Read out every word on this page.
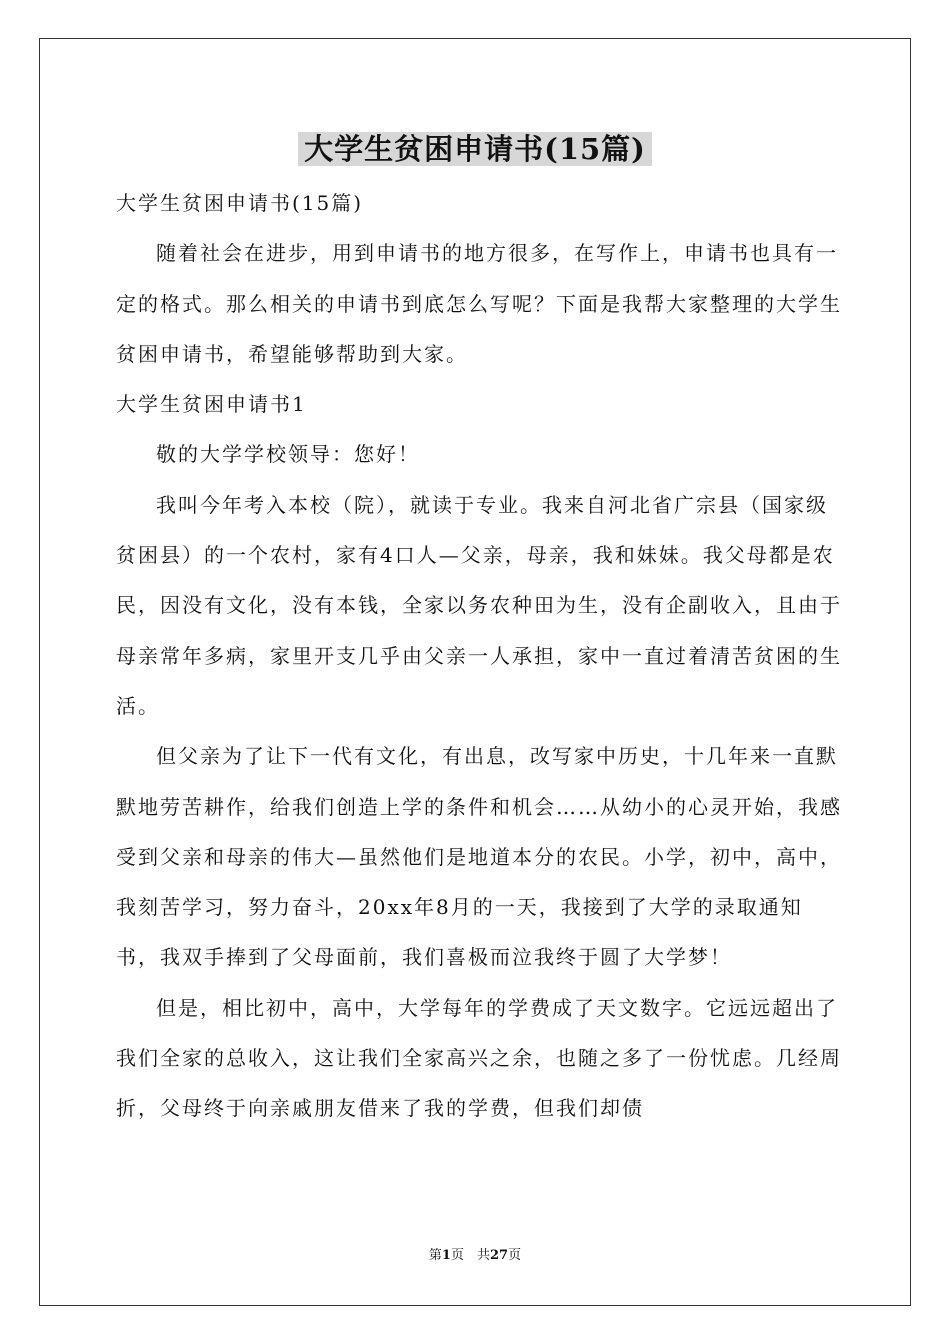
大学生贫困申请书(15篇)

大学生贫困申请书(15篇)

随着社会在进步，用到申请书的地方很多，在写作上，申请书也具有一定的格式。那么相关的申请书到底怎么写呢？下面是我帮大家整理的大学生贫困申请书，希望能够帮助到大家。

大学生贫困申请书1

敬的大学学校领导：您好！

我叫今年考入本校（院），就读于专业。我来自河北省广宗县（国家级贫困县）的一个农村，家有4口人—父亲，母亲，我和妹妹。我父母都是农民，因没有文化，没有本钱，全家以务农种田为生，没有企副收入，且由于母亲常年多病，家里开支几乎由父亲一人承担，家中一直过着清苦贫困的生活。

但父亲为了让下一代有文化，有出息，改写家中历史，十几年来一直默默地劳苦耕作，给我们创造上学的条件和机会……从幼小的心灵开始，我感受到父亲和母亲的伟大—虽然他们是地道本分的农民。小学，初中，高中，我刻苦学习，努力奋斗，20xx年8月的一天，我接到了大学的录取通知书，我双手捧到了父母面前，我们喜极而泣我终于圆了大学梦！

但是，相比初中，高中，大学每年的学费成了天文数字。它远远超出了我们全家的总收入，这让我们全家高兴之余，也随之多了一份忧虑。几经周折，父母终于向亲戚朋友借来了我的学费，但我们却债

第1页　共27页
